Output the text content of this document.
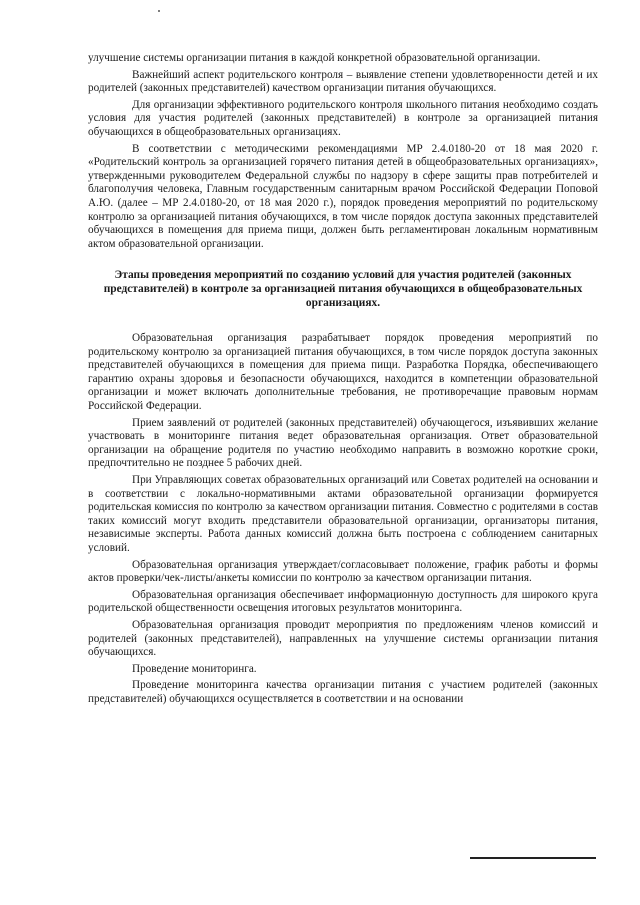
улучшение системы организации питания в каждой конкретной образовательной организации.

Важнейший аспект родительского контроля – выявление степени удовлетворенности детей и их родителей (законных представителей) качеством организации питания обучающихся.

Для организации эффективного родительского контроля школьного питания необходимо создать условия для участия родителей (законных представителей) в контроле за организацией питания обучающихся в общеобразовательных организациях.

В соответствии с методическими рекомендациями МР 2.4.0180-20 от 18 мая 2020 г. «Родительский контроль за организацией горячего питания детей в общеобразовательных организациях», утвержденными руководителем Федеральной службы по надзору в сфере защиты прав потребителей и благополучия человека, Главным государственным санитарным врачом Российской Федерации Поповой А.Ю. (далее – МР 2.4.0180-20, от 18 мая 2020 г.), порядок проведения мероприятий по родительскому контролю за организацией питания обучающихся, в том числе порядок доступа законных представителей обучающихся в помещения для приема пищи, должен быть регламентирован локальным нормативным актом образовательной организации.

Этапы проведения мероприятий по созданию условий для участия родителей (законных представителей) в контроле за организацией питания обучающихся в общеобразовательных организациях.

Образовательная организация разрабатывает порядок проведения мероприятий по родительскому контролю за организацией питания обучающихся, в том числе порядок доступа законных представителей обучающихся в помещения для приема пищи. Разработка Порядка, обеспечивающего гарантию охраны здоровья и безопасности обучающихся, находится в компетенции образовательной организации и может включать дополнительные требования, не противоречащие правовым нормам Российской Федерации.

Прием заявлений от родителей (законных представителей) обучающегося, изъявивших желание участвовать в мониторинге питания ведет образовательная организация. Ответ образовательной организации на обращение родителя по участию необходимо направить в возможно короткие сроки, предпочтительно не позднее 5 рабочих дней.

При Управляющих советах образовательных организаций или Советах родителей на основании и в соответствии с локально-нормативными актами образовательной организации формируется родительская комиссия по контролю за качеством организации питания. Совместно с родителями в состав таких комиссий могут входить представители образовательной организации, организаторы питания, независимые эксперты. Работа данных комиссий должна быть построена с соблюдением санитарных условий.

Образовательная организация утверждает/согласовывает положение, график работы и формы актов проверки/чек-листы/анкеты комиссии по контролю за качеством организации питания.

Образовательная организация обеспечивает информационную доступность для широкого круга родительской общественности освещения итоговых результатов мониторинга.

Образовательная организация проводит мероприятия по предложениям членов комиссий и родителей (законных представителей), направленных на улучшение системы организации питания обучающихся.

Проведение мониторинга.

Проведение мониторинга качества организации питания с участием родителей (законных представителей) обучающихся осуществляется в соответствии и на основании
